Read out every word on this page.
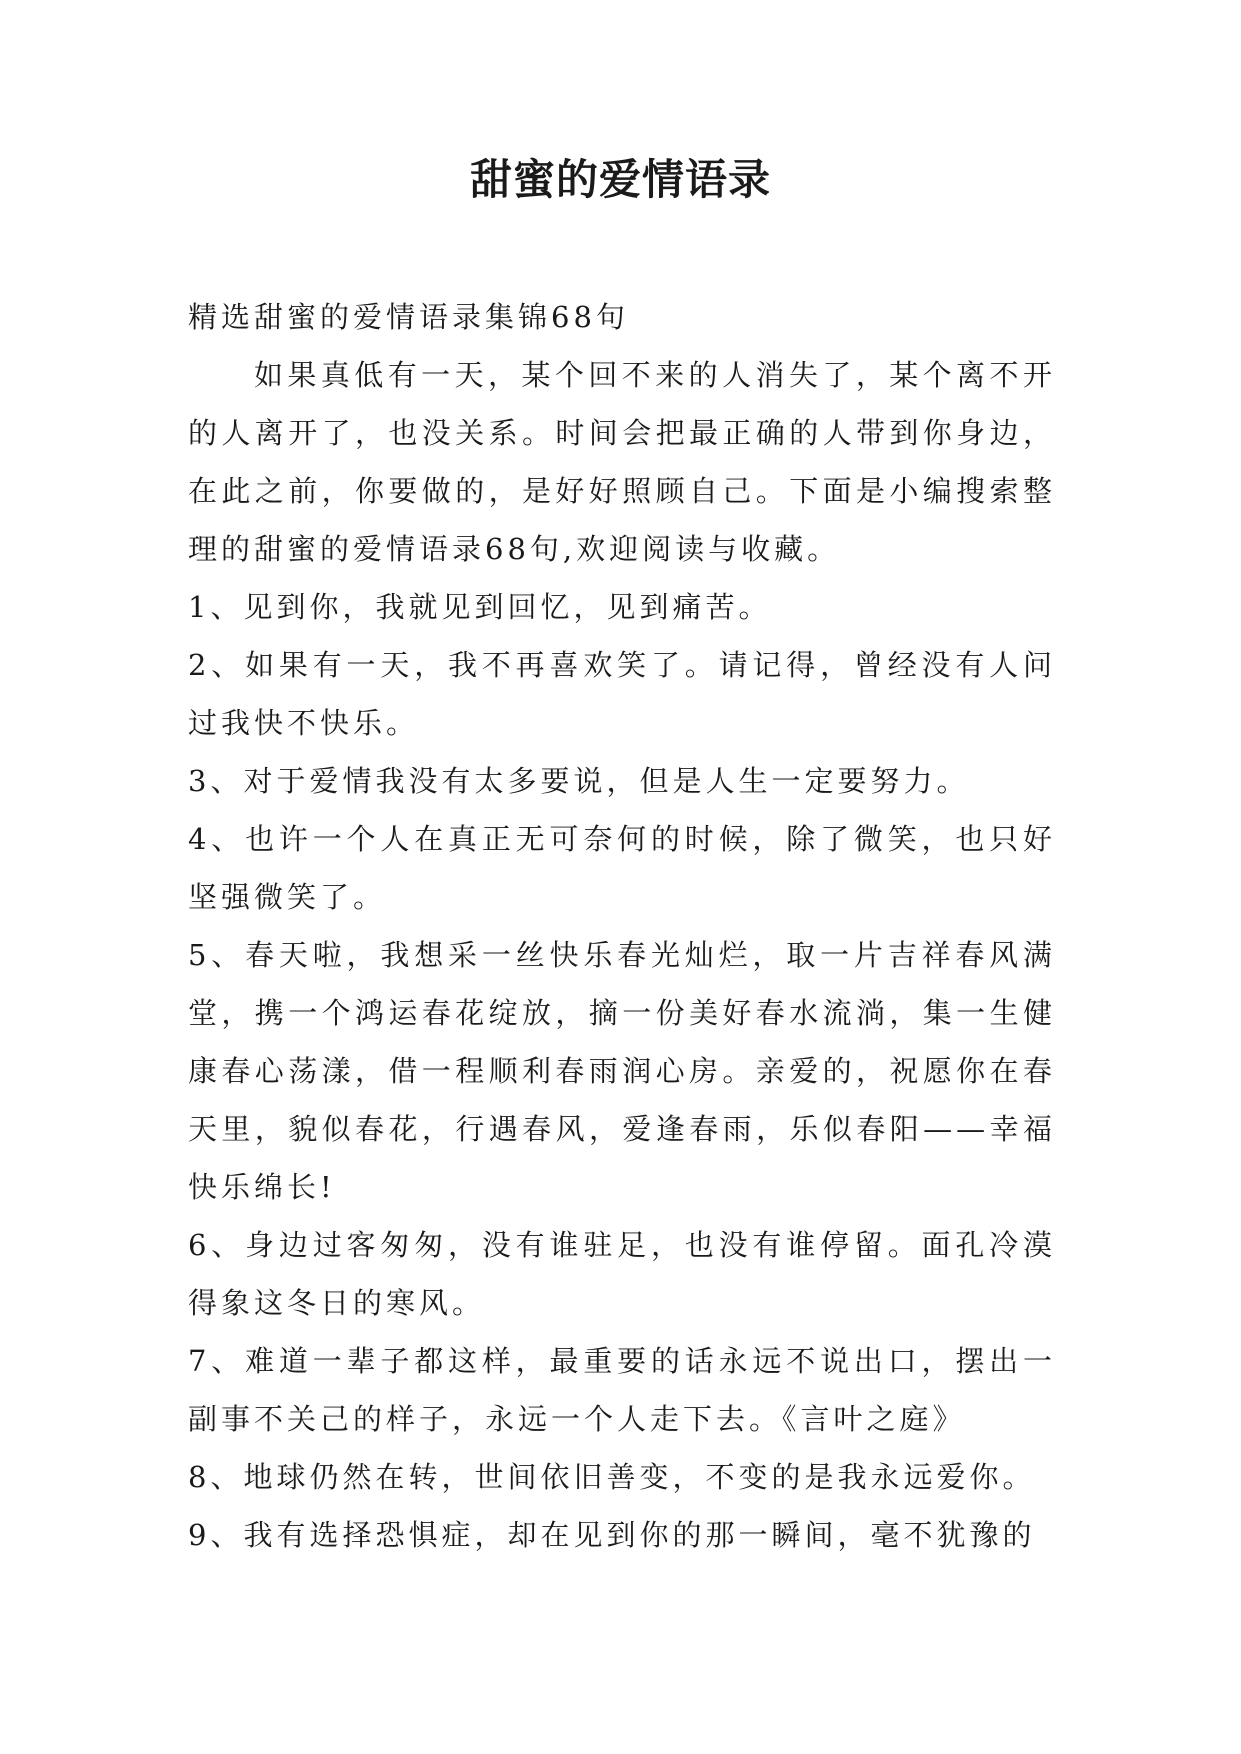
甜蜜的爱情语录

精选甜蜜的爱情语录集锦68句

如果真低有一天，某个回不来的人消失了，某个离不开的人离开了，也没关系。时间会把最正确的人带到你身边，在此之前，你要做的，是好好照顾自己。下面是小编搜索整理的甜蜜的爱情语录68句,欢迎阅读与收藏。

1、见到你，我就见到回忆，见到痛苦。

2、如果有一天，我不再喜欢笑了。请记得，曾经没有人问过我快不快乐。

3、对于爱情我没有太多要说，但是人生一定要努力。

4、也许一个人在真正无可奈何的时候，除了微笑，也只好坚强微笑了。

5、春天啦，我想采一丝快乐春光灿烂，取一片吉祥春风满堂，携一个鸿运春花绽放，摘一份美好春水流淌，集一生健康春心荡漾，借一程顺利春雨润心房。亲爱的，祝愿你在春天里，貌似春花，行遇春风，爱逢春雨，乐似春阳——幸福快乐绵长!

6、身边过客匆匆，没有谁驻足，也没有谁停留。面孔冷漠得象这冬日的寒风。

7、难道一辈子都这样，最重要的话永远不说出口，摆出一副事不关己的样子，永远一个人走下去。《言叶之庭》

8、地球仍然在转，世间依旧善变，不变的是我永远爱你。

9、我有选择恐惧症，却在见到你的那一瞬间，毫不犹豫的
